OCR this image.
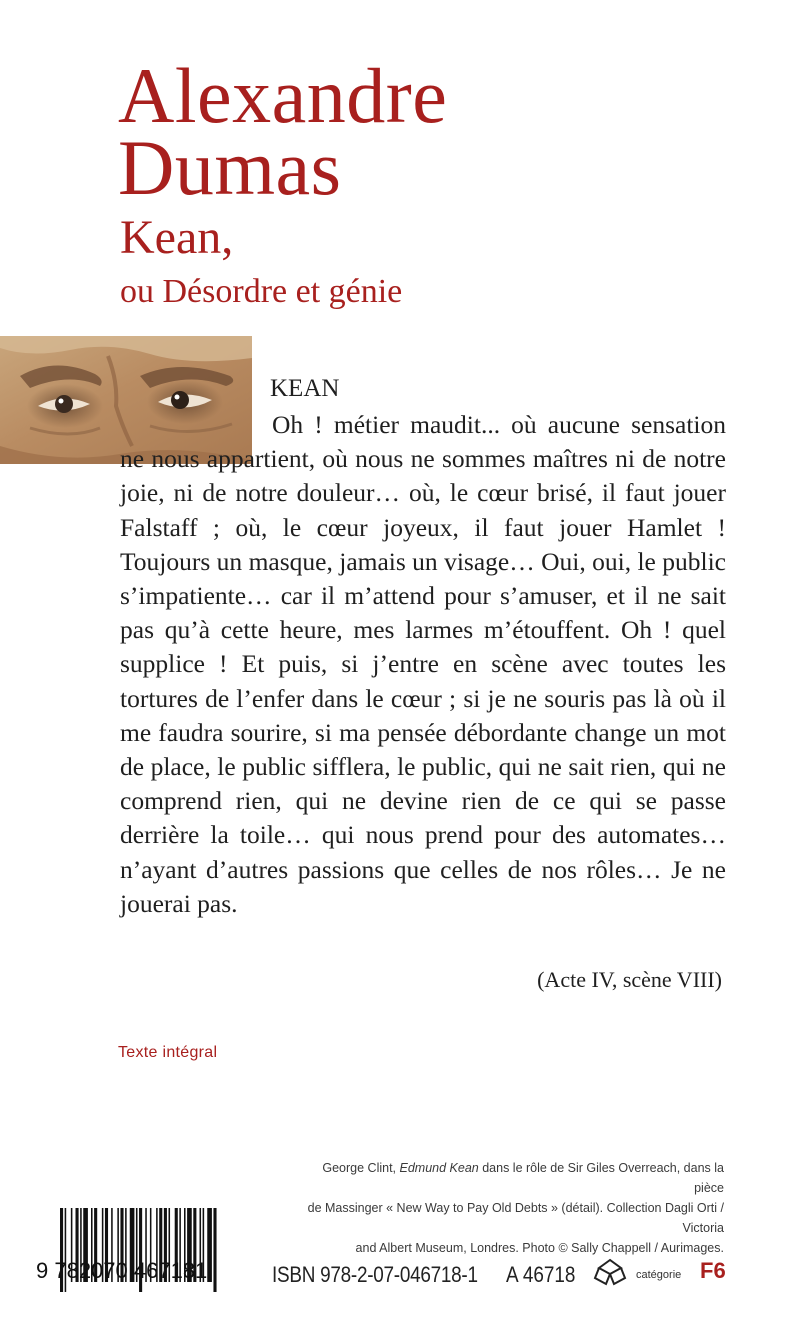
Alexandre
Dumas
Kean,
ou Désordre et génie
KEAN

Oh ! métier maudit... où aucune sensation ne nous appartient, où nous ne sommes maîtres ni de notre joie, ni de notre douleur… où, le cœur brisé, il faut jouer Falstaff ; où, le cœur joyeux, il faut jouer Hamlet ! Toujours un masque, jamais un visage… Oui, oui, le public s’impatiente… car il m’attend pour s’amuser, et il ne sait pas qu’à cette heure, mes larmes m’étouffent. Oh ! quel supplice ! Et puis, si j’entre en scène avec toutes les tortures de l’enfer dans le cœur ; si je ne souris pas là où il me faudra sourire, si ma pensée débordante change un mot de place, le public sifflera, le public, qui ne sait rien, qui ne comprend rien, qui ne devine rien de ce qui se passe derrière la toile… qui nous prend pour des automates… n’ayant d’autres passions que celles de nos rôles… Je ne jouerai pas.

(Acte IV, scène VIII)
Texte intégral
George Clint, Edmund Kean dans le rôle de Sir Giles Overreach, dans la pièce
de Massinger « New Way to Pay Old Debts » (détail). Collection Dagli Orti / Victoria
and Albert Museum, Londres. Photo © Sally Chappell / Aurimages.
9 782070 467181	ISBN 978-2-07-046718-1 A 46718	catégorie F6
